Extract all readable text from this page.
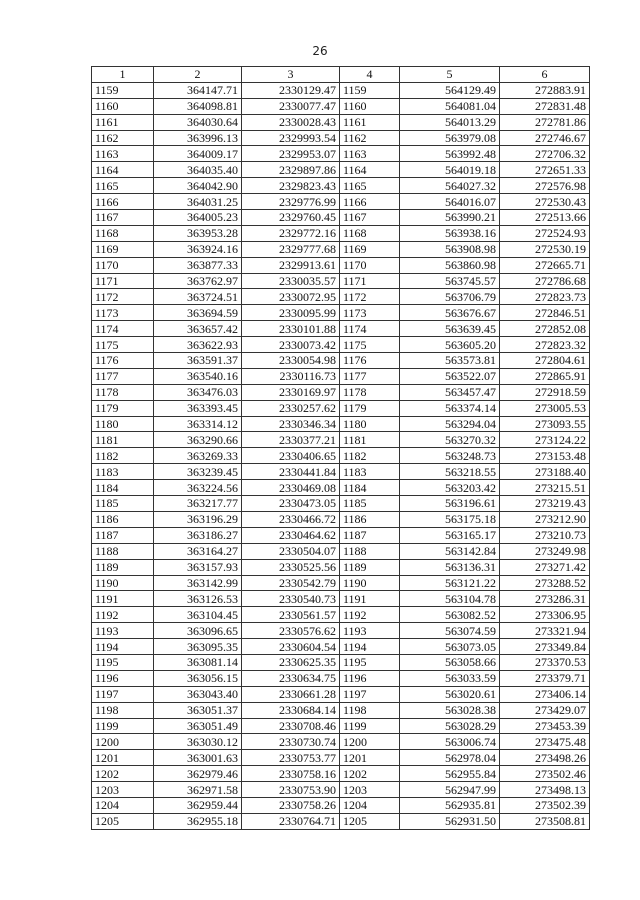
26
1	2	3	4	5	6
1159	364147.71	2330129.47	1159	564129.49	272883.91
1160	364098.81	2330077.47	1160	564081.04	272831.48
1161	364030.64	2330028.43	1161	564013.29	272781.86
1162	363996.13	2329993.54	1162	563979.08	272746.67
1163	364009.17	2329953.07	1163	563992.48	272706.32
1164	364035.40	2329897.86	1164	564019.18	272651.33
1165	364042.90	2329823.43	1165	564027.32	272576.98
1166	364031.25	2329776.99	1166	564016.07	272530.43
1167	364005.23	2329760.45	1167	563990.21	272513.66
1168	363953.28	2329772.16	1168	563938.16	272524.93
1169	363924.16	2329777.68	1169	563908.98	272530.19
1170	363877.33	2329913.61	1170	563860.98	272665.71
1171	363762.97	2330035.57	1171	563745.57	272786.68
1172	363724.51	2330072.95	1172	563706.79	272823.73
1173	363694.59	2330095.99	1173	563676.67	272846.51
1174	363657.42	2330101.88	1174	563639.45	272852.08
1175	363622.93	2330073.42	1175	563605.20	272823.32
1176	363591.37	2330054.98	1176	563573.81	272804.61
1177	363540.16	2330116.73	1177	563522.07	272865.91
1178	363476.03	2330169.97	1178	563457.47	272918.59
1179	363393.45	2330257.62	1179	563374.14	273005.53
1180	363314.12	2330346.34	1180	563294.04	273093.55
1181	363290.66	2330377.21	1181	563270.32	273124.22
1182	363269.33	2330406.65	1182	563248.73	273153.48
1183	363239.45	2330441.84	1183	563218.55	273188.40
1184	363224.56	2330469.08	1184	563203.42	273215.51
1185	363217.77	2330473.05	1185	563196.61	273219.43
1186	363196.29	2330466.72	1186	563175.18	273212.90
1187	363186.27	2330464.62	1187	563165.17	273210.73
1188	363164.27	2330504.07	1188	563142.84	273249.98
1189	363157.93	2330525.56	1189	563136.31	273271.42
1190	363142.99	2330542.79	1190	563121.22	273288.52
1191	363126.53	2330540.73	1191	563104.78	273286.31
1192	363104.45	2330561.57	1192	563082.52	273306.95
1193	363096.65	2330576.62	1193	563074.59	273321.94
1194	363095.35	2330604.54	1194	563073.05	273349.84
1195	363081.14	2330625.35	1195	563058.66	273370.53
1196	363056.15	2330634.75	1196	563033.59	273379.71
1197	363043.40	2330661.28	1197	563020.61	273406.14
1198	363051.37	2330684.14	1198	563028.38	273429.07
1199	363051.49	2330708.46	1199	563028.29	273453.39
1200	363030.12	2330730.74	1200	563006.74	273475.48
1201	363001.63	2330753.77	1201	562978.04	273498.26
1202	362979.46	2330758.16	1202	562955.84	273502.46
1203	362971.58	2330753.90	1203	562947.99	273498.13
1204	362959.44	2330758.26	1204	562935.81	273502.39
1205	362955.18	2330764.71	1205	562931.50	273508.81
